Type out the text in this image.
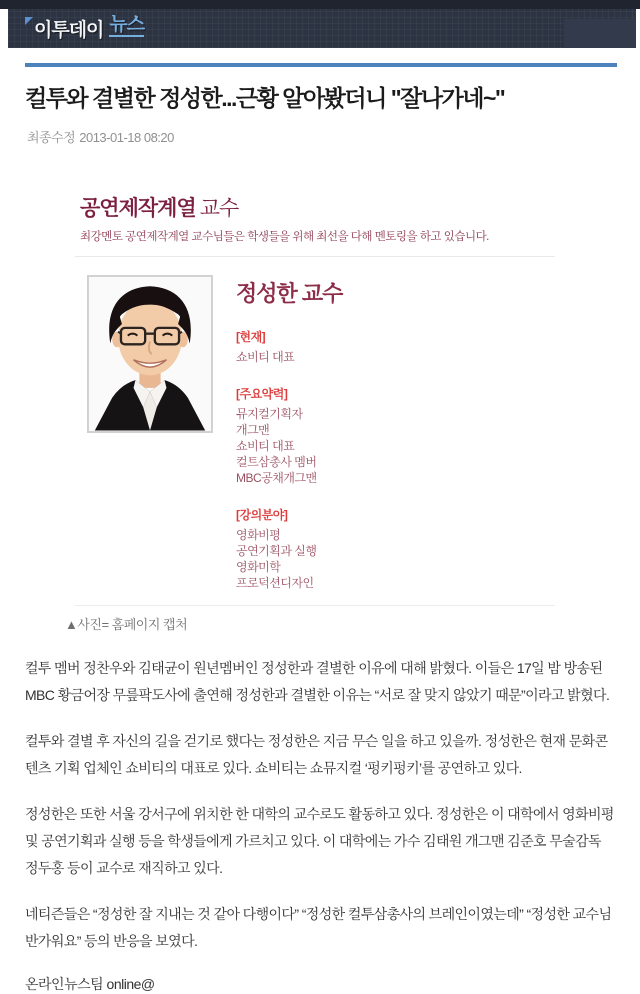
이투데이 뉴스
컬투와 결별한 정성한...근황 알아봤더니 "잘나가네~"
최종수정 2013-01-18 08:20
공연제작계열 교수
최강멘토 공연제작계열 교수님들은 학생들을 위해 최선을 다해 멘토링을 하고 있습니다.
정성한 교수
[현재]
쇼비티 대표
[주요약력]
뮤지컬기획자
개그맨
쇼비티 대표
컬트삼총사 멤버
MBC공채개그맨
[강의분야]
영화비평
공연기획과 실행
영화미학
프로덕션디자인
▲사진= 홈페이지 캡처

컬투 멤버 정찬우와 김태균이 원년멤버인 정성한과 결별한 이유에 대해 밝혔다. 이들은 17일 밤 방송된 MBC 황금어장 무릎팍도사에 출연해 정성한과 결별한 이유는 “서로 잘 맞지 않았기 때문”이라고 밝혔다.

컬투와 결별 후 자신의 길을 걷기로 했다는 정성한은 지금 무슨 일을 하고 있을까. 정성한은 현재 문화콘텐츠 기획 업체인 쇼비티의 대표로 있다. 쇼비티는 쇼뮤지컬 ‘펑키펑키’를 공연하고 있다.

정성한은 또한 서울 강서구에 위치한 한 대학의 교수로도 활동하고 있다. 정성한은 이 대학에서 영화비평 및 공연기획과 실행 등을 학생들에게 가르치고 있다. 이 대학에는 가수 김태원 개그맨 김준호 무술감독 정두홍 등이 교수로 재직하고 있다.

네티즌들은 “정성한 잘 지내는 것 같아 다행이다” “정성한 컬투삼총사의 브레인이였는데” “정성한 교수님 반가워요” 등의 반응을 보였다.

온라인뉴스팀 online@
